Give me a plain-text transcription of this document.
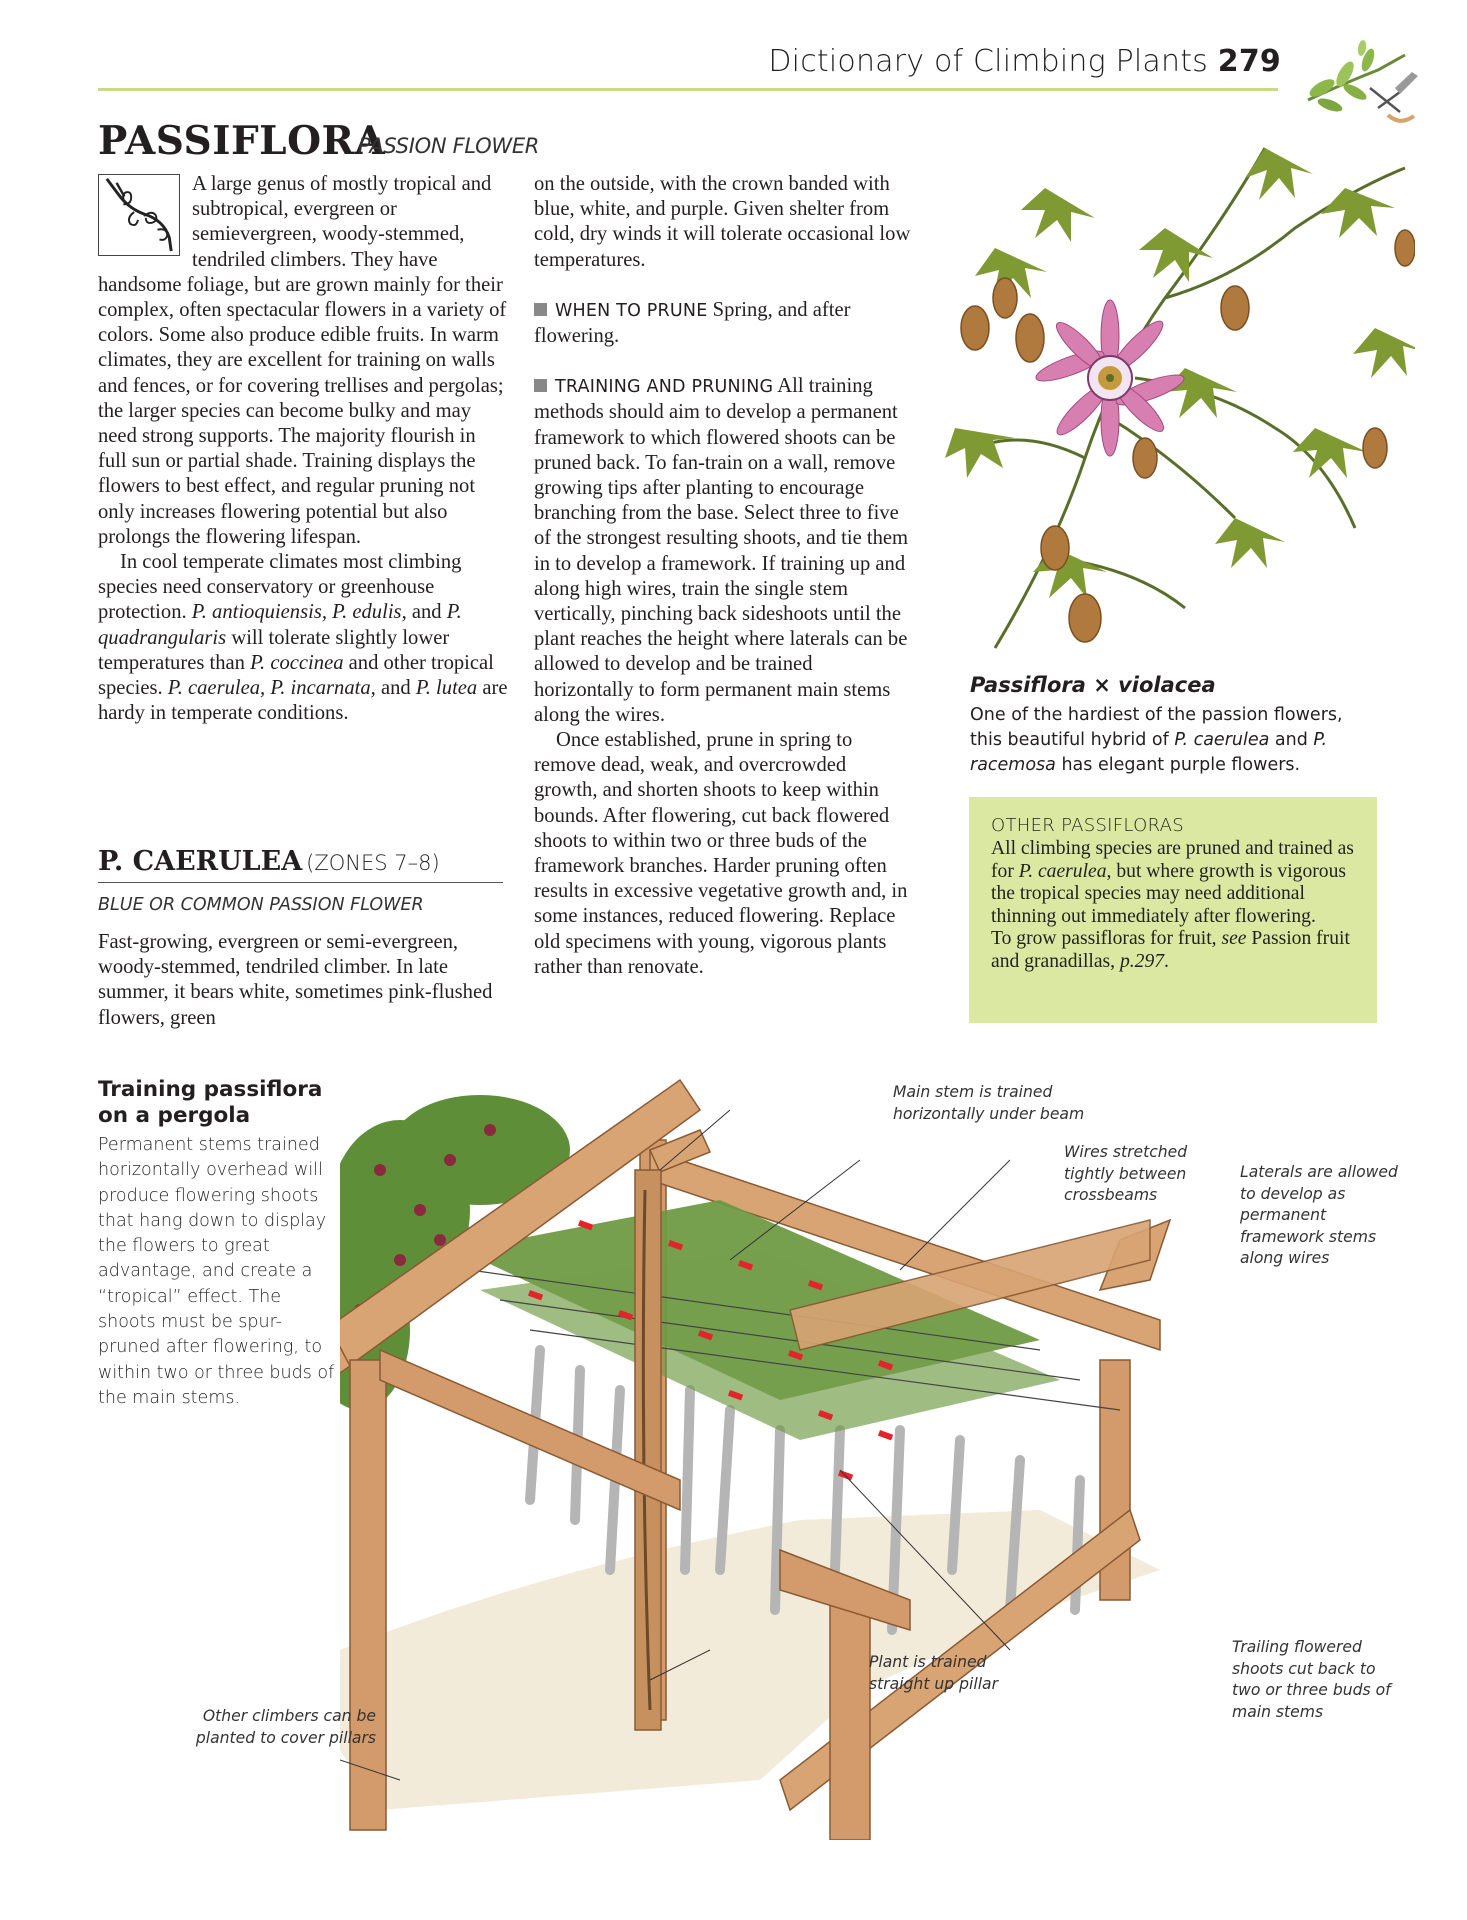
Dictionary of Climbing Plants 279
PASSIFLORA
PASSION FLOWER

A large genus of mostly tropical and subtropical, evergreen or semievergreen, woody-stemmed, tendriled climbers. They have handsome foliage, but are grown mainly for their complex, often spectacular flowers in a variety of colors. Some also produce edible fruits. In warm climates, they are excellent for training on walls and fences, or for covering trellises and pergolas; the larger species can become bulky and may need strong supports. The majority flourish in full sun or partial shade. Training displays the flowers to best effect, and regular pruning not only increases flowering potential but also prolongs the flowering lifespan.

In cool temperate climates most climbing species need conservatory or greenhouse protection. P. antioquiensis, P. edulis, and P. quadrangularis will tolerate slightly lower temperatures than P. coccinea and other tropical species. P. caerulea, P. incarnata, and P. lutea are hardy in temperate conditions.

P. CAERULEA (ZONES 7–8)
BLUE OR COMMON PASSION FLOWER

Fast-growing, evergreen or semi-evergreen, woody-stemmed, tendriled climber. In late summer, it bears white, sometimes pink-flushed flowers, green

on the outside, with the crown banded with blue, white, and purple. Given shelter from cold, dry winds it will tolerate occasional low temperatures.

WHEN TO PRUNE Spring, and after flowering.

TRAINING AND PRUNING All training methods should aim to develop a permanent framework to which flowered shoots can be pruned back. To fan-train on a wall, remove growing tips after planting to encourage branching from the base. Select three to five of the strongest resulting shoots, and tie them in to develop a framework. If training up and along high wires, train the single stem vertically, pinching back sideshoots until the plant reaches the height where laterals can be allowed to develop and be trained horizontally to form permanent main stems along the wires.

Once established, prune in spring to remove dead, weak, and overcrowded growth, and shorten shoots to keep within bounds. After flowering, cut back flowered shoots to within two or three buds of the framework branches. Harder pruning often results in excessive vegetative growth and, in some instances, reduced flowering. Replace old specimens with young, vigorous plants rather than renovate.

Passiflora × violacea
One of the hardiest of the passion flowers, this beautiful hybrid of P. caerulea and P. racemosa has elegant purple flowers.
OTHER PASSIFLORAS

All climbing species are pruned and trained as for P. caerulea, but where growth is vigorous the tropical species may need additional thinning out immediately after flowering.

To grow passifloras for fruit, see Passion fruit and granadillas, p.297.

Training passiflora on a pergola
Permanent stems trained horizontally overhead will produce flowering shoots that hang down to display the flowers to great advantage, and create a “tropical” effect. The shoots must be spur-pruned after flowering, to within two or three buds of the main stems.
Main stem is trained horizontally under beam
Wires stretched tightly between crossbeams
Laterals are allowed to develop as permanent framework stems along wires
Plant is trained straight up pillar
Trailing flowered shoots cut back to two or three buds of main stems
Other climbers can be planted to cover pillars
